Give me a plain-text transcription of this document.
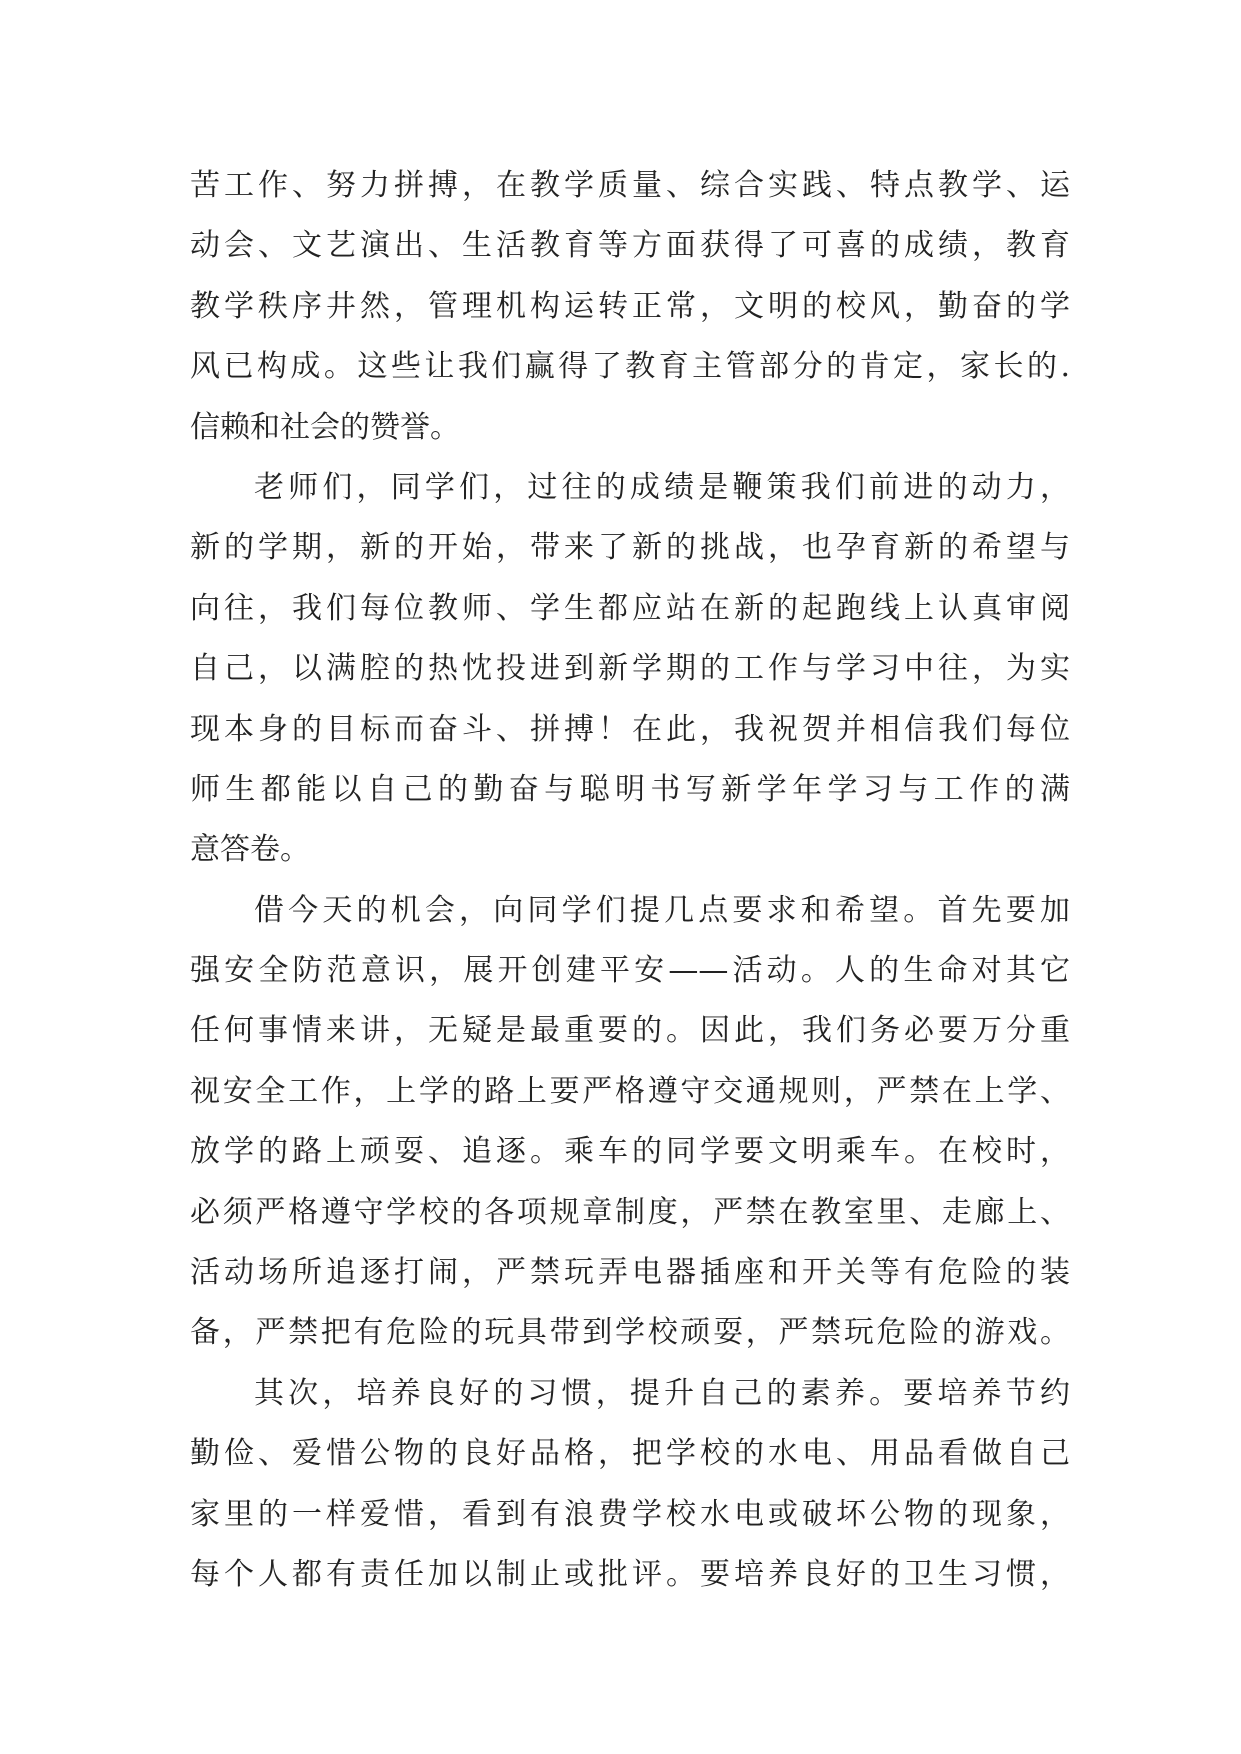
苦工作、努力拼搏，在教学质量、综合实践、特点教学、运
动会、文艺演出、生活教育等方面获得了可喜的成绩，教育
教学秩序井然，管理机构运转正常，文明的校风，勤奋的学
风已构成。这些让我们赢得了教育主管部分的肯定，家长的.
信赖和社会的赞誉。
老师们，同学们，过往的成绩是鞭策我们前进的动力，
新的学期，新的开始，带来了新的挑战，也孕育新的希望与
向往，我们每位教师、学生都应站在新的起跑线上认真审阅
自己，以满腔的热忱投进到新学期的工作与学习中往，为实
现本身的目标而奋斗、拼搏！在此，我祝贺并相信我们每位
师生都能以自己的勤奋与聪明书写新学年学习与工作的满
意答卷。
借今天的机会，向同学们提几点要求和希望。首先要加
强安全防范意识，展开创建平安——活动。人的生命对其它
任何事情来讲，无疑是最重要的。因此，我们务必要万分重
视安全工作，上学的路上要严格遵守交通规则，严禁在上学、
放学的路上顽耍、追逐。乘车的同学要文明乘车。在校时，
必须严格遵守学校的各项规章制度，严禁在教室里、走廊上、
活动场所追逐打闹，严禁玩弄电器插座和开关等有危险的装
备，严禁把有危险的玩具带到学校顽耍，严禁玩危险的游戏。
其次，培养良好的习惯，提升自己的素养。要培养节约
勤俭、爱惜公物的良好品格，把学校的水电、用品看做自己
家里的一样爱惜，看到有浪费学校水电或破坏公物的现象，
每个人都有责任加以制止或批评。要培养良好的卫生习惯，
